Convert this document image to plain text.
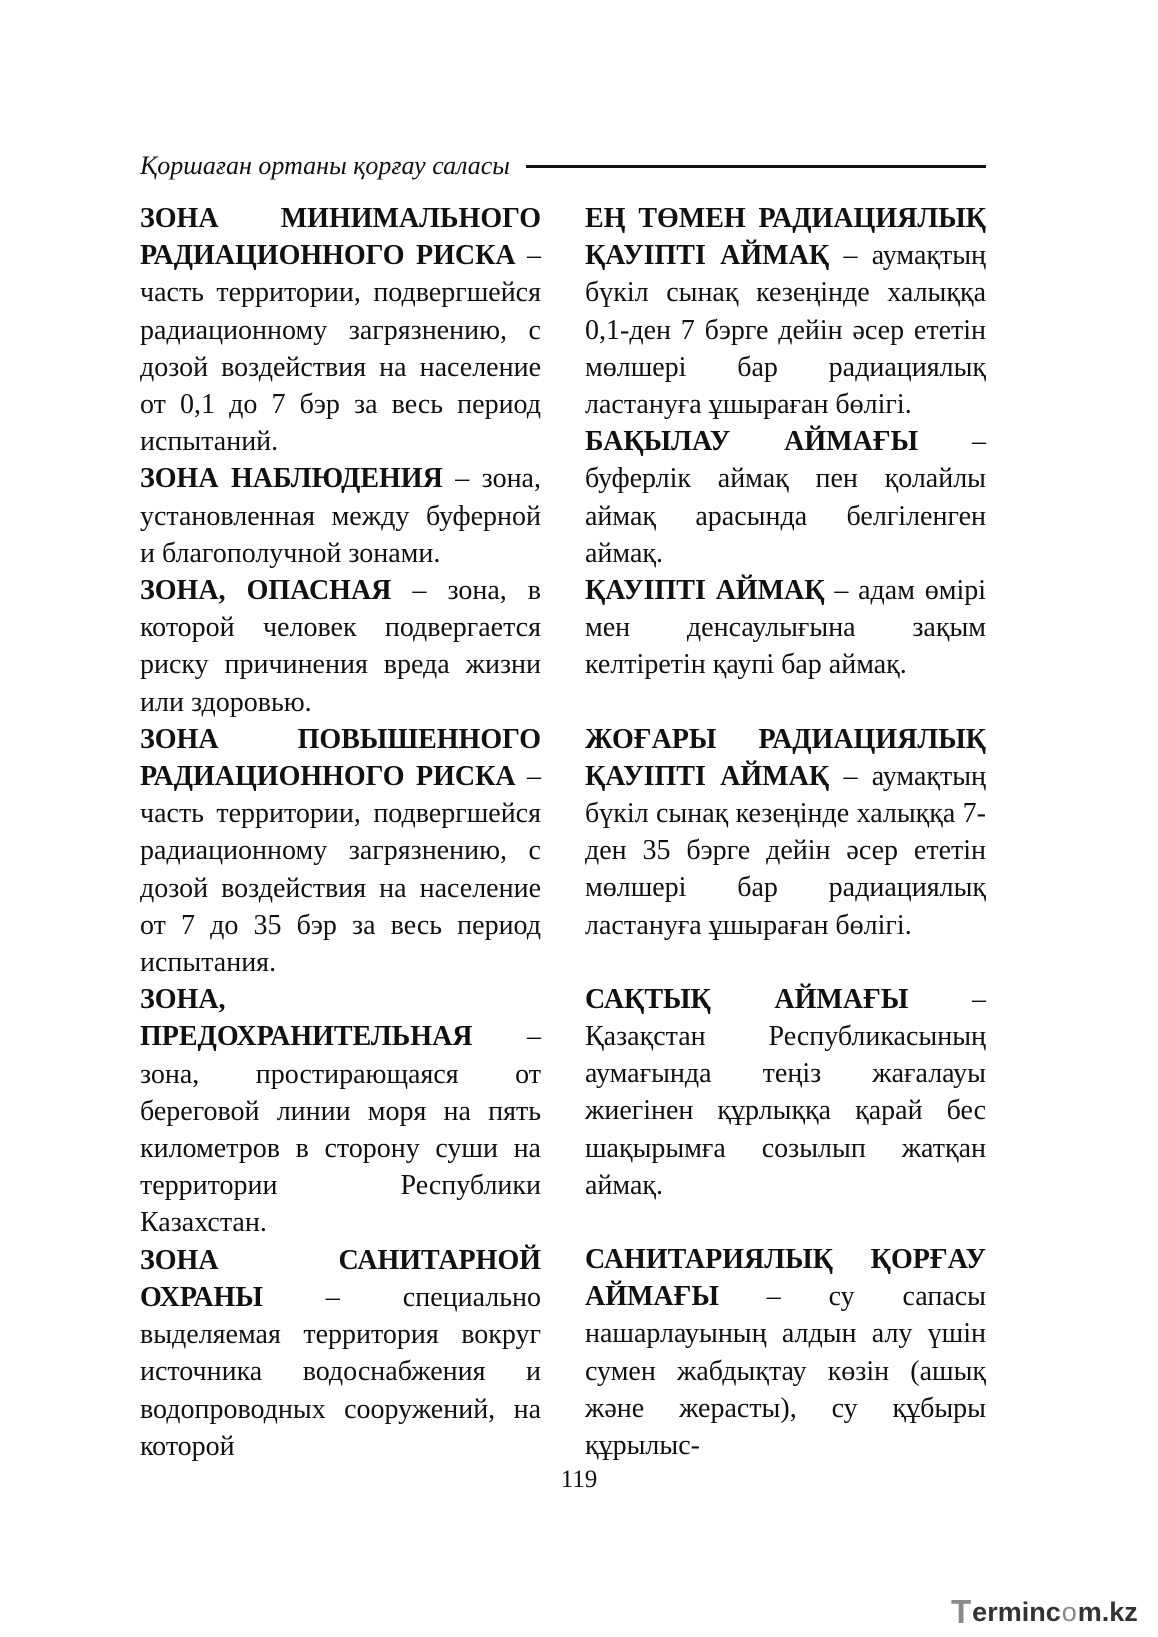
Қоршаған ортаны қорғау саласы

ЗОНА МИНИМАЛЬНОГО РАДИАЦИОННОГО РИСКА – часть территории, подвергшейся радиационному загрязнению, с дозой воздействия на население от 0,1 до 7 бэр за весь период испытаний.

ЗОНА НАБЛЮДЕНИЯ – зона, установленная между буферной и благополучной зонами.

ЗОНА, ОПАСНАЯ – зона, в которой человек подвергается риску причинения вреда жизни или здоровью.

ЗОНА ПОВЫШЕННОГО РАДИАЦИОННОГО РИСКА – часть территории, подвергшейся радиационному загрязнению, с дозой воздействия на население от 7 до 35 бэр за весь период испытания.

ЗОНА, ПРЕДОХРАНИТЕЛЬНАЯ – зона, простирающаяся от береговой линии моря на пять километров в сторону суши на территории Республики Казахстан.

ЗОНА САНИТАРНОЙ ОХРАНЫ – специально выделяемая территория вокруг источника водоснабжения и водопроводных сооружений, на которой

ЕҢ ТӨМЕН РАДИАЦИЯЛЫҚ ҚАУІПТІ АЙМАҚ – аумақтың бүкіл сынақ кезеңінде халыққа 0,1-ден 7 бэрге дейін әсер ететін мөлшері бар радиациялық ластануға ұшыраған бөлігі.

БАҚЫЛАУ АЙМАҒЫ – буферлік аймақ пен қолайлы аймақ арасында белгіленген аймақ.

ҚАУІПТІ АЙМАҚ – адам өмірі мен денсаулығына зақым келтіретін қаупі бар аймақ.

ЖОҒАРЫ РАДИАЦИЯЛЫҚ ҚАУІПТІ АЙМАҚ – аумақтың бүкіл сынақ кезеңінде халыққа 7-ден 35 бэрге дейін әсер ететін мөлшері бар радиациялық ластануға ұшыраған бөлігі.

САҚТЫҚ АЙМАҒЫ – Қазақстан Республикасының аумағында теңіз жағалауы жиегінен құрлыққа қарай бес шақырымға созылып жатқан аймақ.

САНИТАРИЯЛЫҚ ҚОРҒАУ АЙМАҒЫ – су сапасы нашарлауының алдын алу үшін сумен жабдықтау көзін (ашық және жерасты), су құбыры құрылыс-

119
T erminc o m.kz
